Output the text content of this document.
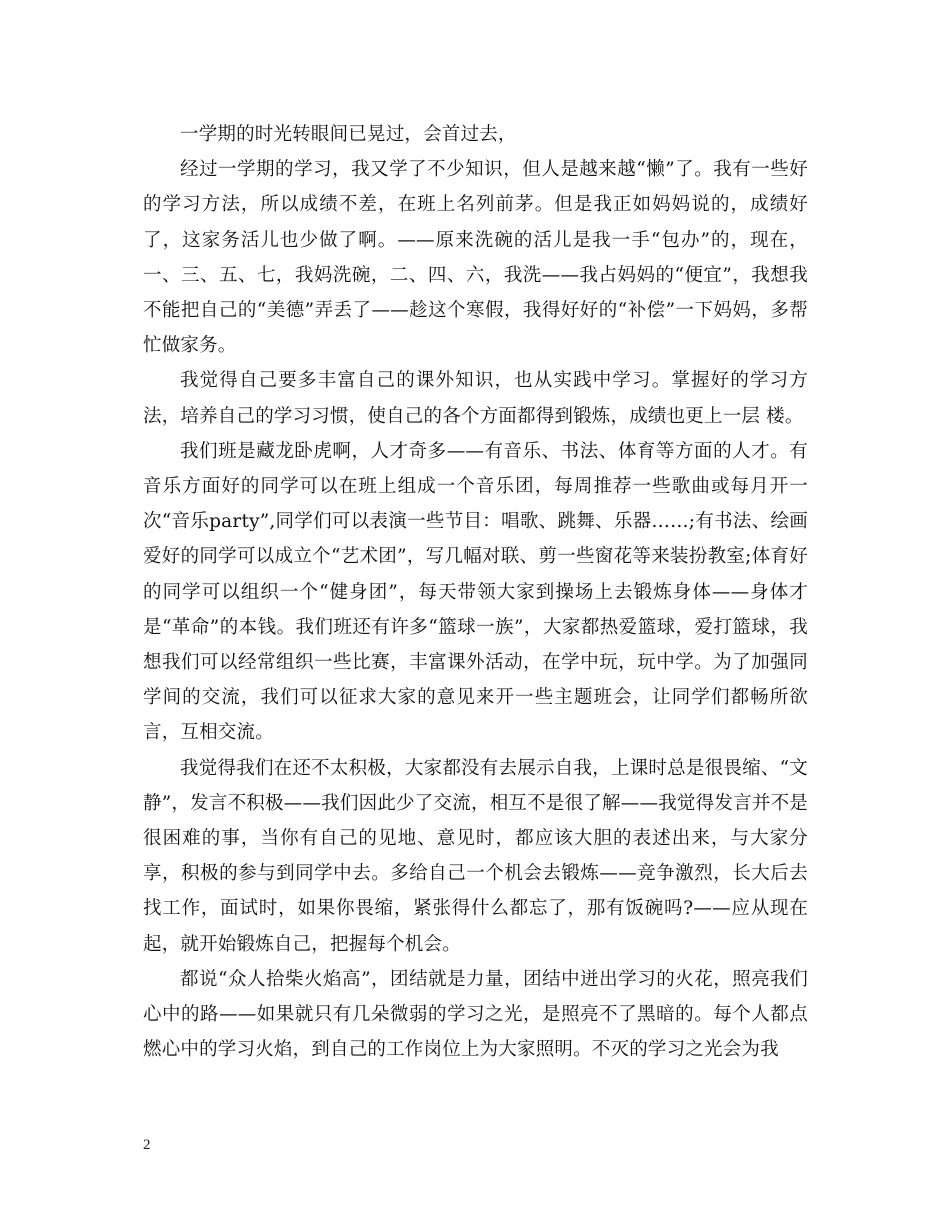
一学期的时光转眼间已晃过，会首过去，

经过一学期的学习，我又学了不少知识，但人是越来越“懒”了。我有一些好的学习方法，所以成绩不差，在班上名列前茅。但是我正如妈妈说的，成绩好了，这家务活儿也少做了啊。——原来洗碗的活儿是我一手“包办”的，现在，一、三、五、七，我妈洗碗，二、四、六，我洗——我占妈妈的“便宜”，我想我不能把自己的“美德”弄丢了——趁这个寒假，我得好好的“补偿”一下妈妈，多帮忙做家务。

我觉得自己要多丰富自己的课外知识，也从实践中学习。掌握好的学习方法，培养自己的学习习惯，使自己的各个方面都得到锻炼，成绩也更上一层 楼。

我们班是藏龙卧虎啊，人才奇多——有音乐、书法、体育等方面的人才。有音乐方面好的同学可以在班上组成一个音乐团，每周推荐一些歌曲或每月开一次“音乐party”,同学们可以表演一些节目：唱歌、跳舞、乐器……;有书法、绘画爱好的同学可以成立个“艺术团”，写几幅对联、剪一些窗花等来装扮教室;体育好的同学可以组织一个“健身团”，每天带领大家到操场上去锻炼身体——身体才是“革命”的本钱。我们班还有许多“篮球一族”，大家都热爱篮球，爱打篮球，我想我们可以经常组织一些比赛，丰富课外活动，在学中玩，玩中学。为了加强同学间的交流，我们可以征求大家的意见来开一些主题班会，让同学们都畅所欲言，互相交流。

我觉得我们在还不太积极，大家都没有去展示自我，上课时总是很畏缩、“文静”，发言不积极——我们因此少了交流，相互不是很了解——我觉得发言并不是很困难的事，当你有自己的见地、意见时，都应该大胆的表述出来，与大家分享，积极的参与到同学中去。多给自己一个机会去锻炼——竞争激烈，长大后去找工作，面试时，如果你畏缩，紧张得什么都忘了，那有饭碗吗?——应从现在起，就开始锻炼自己，把握每个机会。

都说“众人拾柴火焰高”，团结就是力量，团结中迸出学习的火花，照亮我们心中的路——如果就只有几朵微弱的学习之光，是照亮不了黑暗的。每个人都点燃心中的学习火焰，到自己的工作岗位上为大家照明。不灭的学习之光会为我

2
